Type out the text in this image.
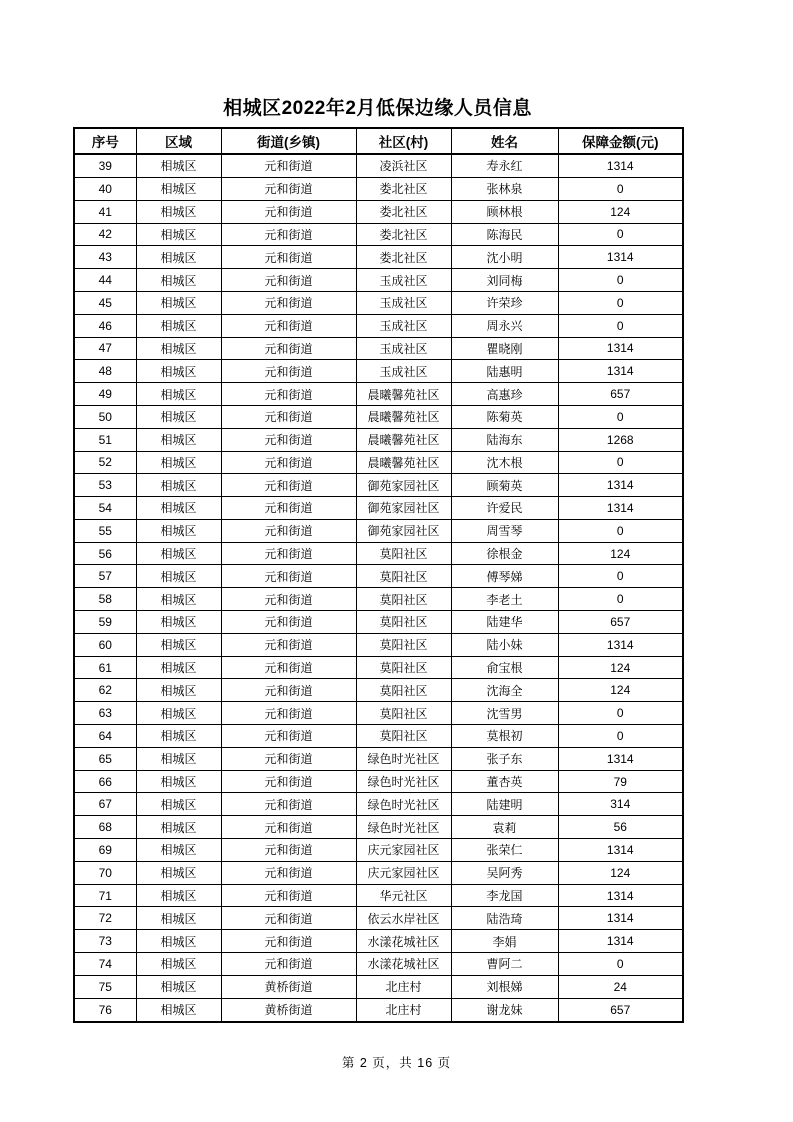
相城区2022年2月低保边缘人员信息
序号	区域	街道(乡镇)	社区(村)	姓名	保障金额(元)
39	相城区	元和街道	凌浜社区	寿永红	1314
40	相城区	元和街道	娄北社区	张林泉	0
41	相城区	元和街道	娄北社区	顾林根	124
42	相城区	元和街道	娄北社区	陈海民	0
43	相城区	元和街道	娄北社区	沈小明	1314
44	相城区	元和街道	玉成社区	刘同梅	0
45	相城区	元和街道	玉成社区	许荣珍	0
46	相城区	元和街道	玉成社区	周永兴	0
47	相城区	元和街道	玉成社区	瞿晓刚	1314
48	相城区	元和街道	玉成社区	陆惠明	1314
49	相城区	元和街道	晨曦馨苑社区	高惠珍	657
50	相城区	元和街道	晨曦馨苑社区	陈菊英	0
51	相城区	元和街道	晨曦馨苑社区	陆海东	1268
52	相城区	元和街道	晨曦馨苑社区	沈木根	0
53	相城区	元和街道	御苑家园社区	顾菊英	1314
54	相城区	元和街道	御苑家园社区	许爱民	1314
55	相城区	元和街道	御苑家园社区	周雪琴	0
56	相城区	元和街道	莫阳社区	徐根金	124
57	相城区	元和街道	莫阳社区	傅琴娣	0
58	相城区	元和街道	莫阳社区	李老土	0
59	相城区	元和街道	莫阳社区	陆建华	657
60	相城区	元和街道	莫阳社区	陆小妹	1314
61	相城区	元和街道	莫阳社区	俞宝根	124
62	相城区	元和街道	莫阳社区	沈海全	124
63	相城区	元和街道	莫阳社区	沈雪男	0
64	相城区	元和街道	莫阳社区	莫根初	0
65	相城区	元和街道	绿色时光社区	张子东	1314
66	相城区	元和街道	绿色时光社区	董杏英	79
67	相城区	元和街道	绿色时光社区	陆建明	314
68	相城区	元和街道	绿色时光社区	袁莉	56
69	相城区	元和街道	庆元家园社区	张荣仁	1314
70	相城区	元和街道	庆元家园社区	吴阿秀	124
71	相城区	元和街道	华元社区	李龙国	1314
72	相城区	元和街道	依云水岸社区	陆浩琦	1314
73	相城区	元和街道	水漾花城社区	李娟	1314
74	相城区	元和街道	水漾花城社区	曹阿二	0
75	相城区	黄桥街道	北庄村	刘根娣	24
76	相城区	黄桥街道	北庄村	谢龙妹	657
第 2 页，共 16 页
